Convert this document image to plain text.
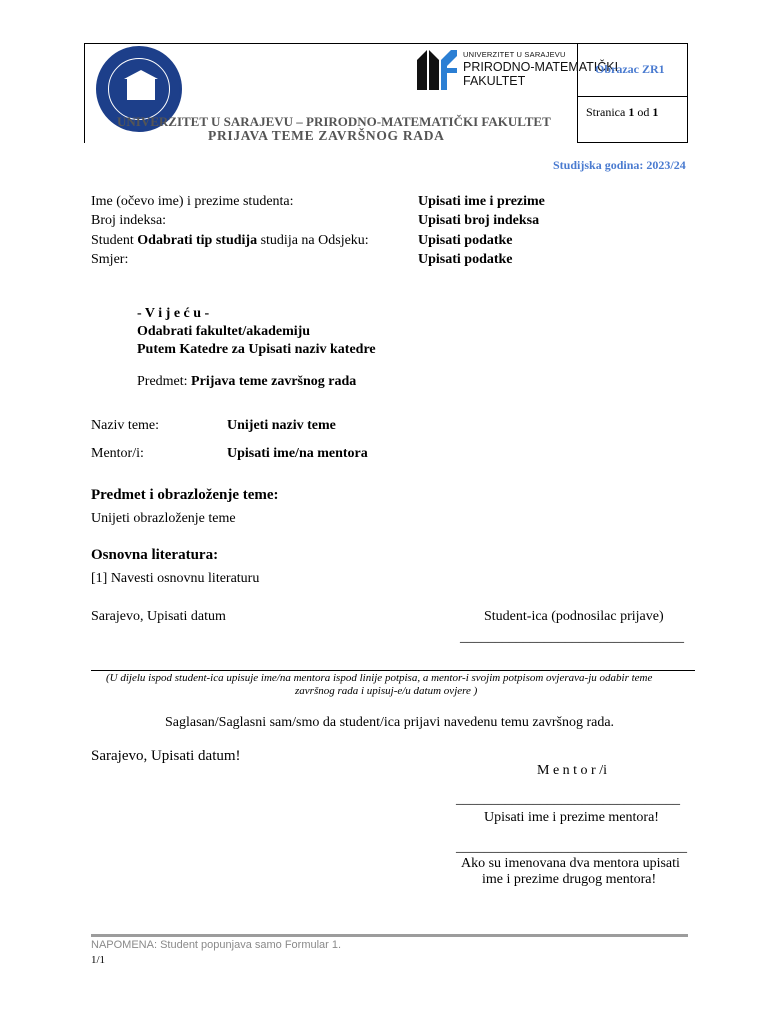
UNIVERZITET U SARAJEVU
PRIRODNO-MATEMATIČKI
FAKULTET
UNIVERZITET U SARAJEVU – PRIRODNO-MATEMATIČKI FAKULTET
PRIJAVA TEME ZAVRŠNOG RADA
Obrazac ZR1
Stranica 1 od 1
Studijska godina: 2023/24
Ime (očevo ime) i prezime studenta:	Upisati ime i prezime
Broj indeksa:	Upisati broj indeksa
Student Odabrati tip studija studija na Odsjeku:	Upisati podatke
Smjer:	Upisati podatke
- V i j e ć u -
Odabrati fakultet/akademiju
Putem Katedre za Upisati naziv katedre
Predmet: Prijava teme završnog rada
Naziv teme:	Unijeti naziv teme
Mentor/i:	Upisati ime/na mentora
Predmet i obrazloženje teme:
Unijeti obrazloženje teme
Osnovna literatura:
[1] Navesti osnovnu literaturu
Sarajevo, Upisati datum	Student-ica (podnosilac prijave)
________________________________
(U dijelu ispod student-ica upisuje ime/na mentora ispod linije potpisa, a mentor-i svojim potpisom ovjerava-ju odabir teme
završnog rada i upisuj-e/u datum ovjere )
Saglasan/Saglasni sam/smo da student/ica prijavi navedenu temu završnog rada.
Sarajevo, Upisati datum!
M e n t o r /i
________________________________
Upisati ime i prezime mentora!
_________________________________
Ako su imenovana dva mentora upisati
ime i prezime drugog mentora!
NAPOMENA: Student popunjava samo Formular 1.
1/1
